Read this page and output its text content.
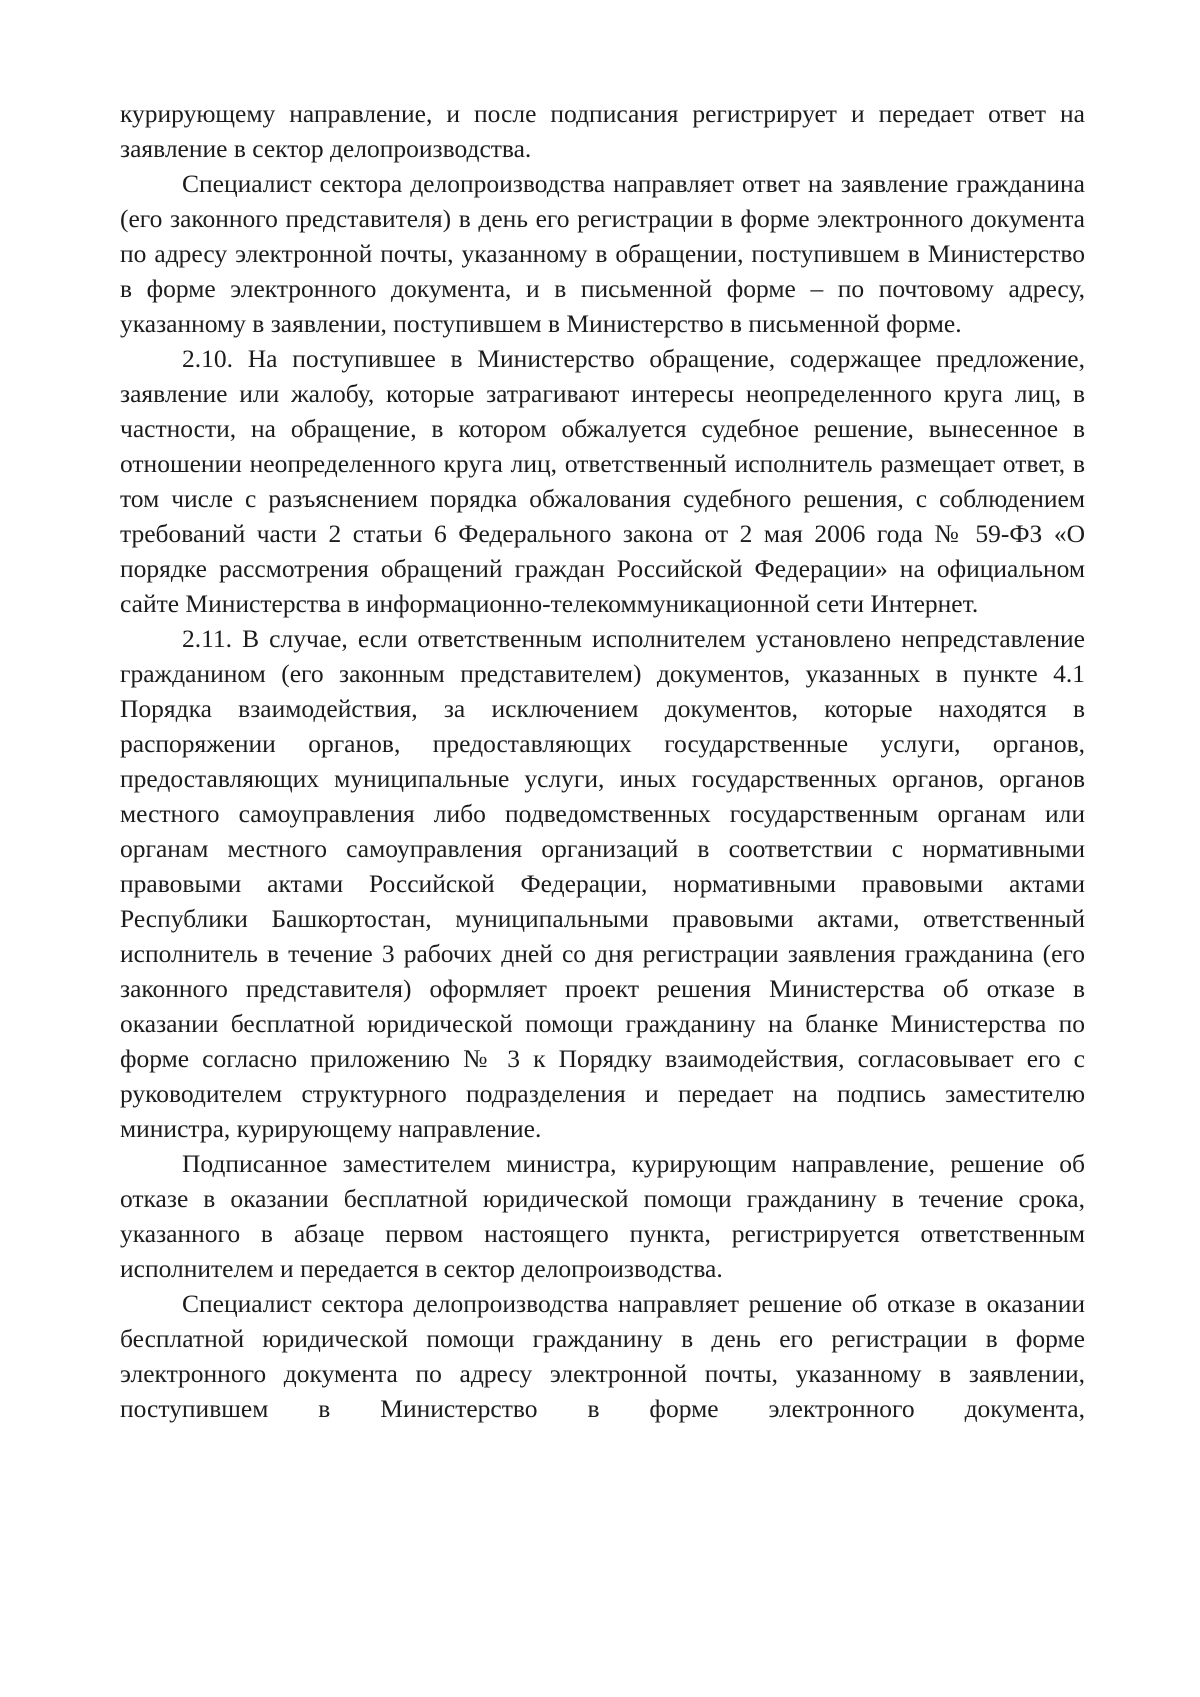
курирующему направление, и после подписания регистрирует и передает ответ на заявление в сектор делопроизводства.

Специалист сектора делопроизводства направляет ответ на заявление гражданина (его законного представителя) в день его регистрации в форме электронного документа по адресу электронной почты, указанному в обращении, поступившем в Министерство в форме электронного документа, и в письменной форме – по почтовому адресу, указанному в заявлении, поступившем в Министерство в письменной форме.

2.10. На поступившее в Министерство обращение, содержащее предложение, заявление или жалобу, которые затрагивают интересы неопределенного круга лиц, в частности, на обращение, в котором обжалуется судебное решение, вынесенное в отношении неопределенного круга лиц, ответственный исполнитель размещает ответ, в том числе с разъяснением порядка обжалования судебного решения, с соблюдением требований части 2 статьи 6 Федерального закона от 2 мая 2006 года № 59-ФЗ «О порядке рассмотрения обращений граждан Российской Федерации» на официальном сайте Министерства в информационно-телекоммуникационной сети Интернет.

2.11. В случае, если ответственным исполнителем установлено непредставление гражданином (его законным представителем) документов, указанных в пункте 4.1 Порядка взаимодействия, за исключением документов, которые находятся в распоряжении органов, предоставляющих государственные услуги, органов, предоставляющих муниципальные услуги, иных государственных органов, органов местного самоуправления либо подведомственных государственным органам или органам местного самоуправления организаций в соответствии с нормативными правовыми актами Российской Федерации, нормативными правовыми актами Республики Башкортостан, муниципальными правовыми актами, ответственный исполнитель в течение 3 рабочих дней со дня регистрации заявления гражданина (его законного представителя) оформляет проект решения Министерства об отказе в оказании бесплатной юридической помощи гражданину на бланке Министерства по форме согласно приложению № 3 к Порядку взаимодействия, согласовывает его с руководителем структурного подразделения и передает на подпись заместителю министра, курирующему направление.

Подписанное заместителем министра, курирующим направление, решение об отказе в оказании бесплатной юридической помощи гражданину в течение срока, указанного в абзаце первом настоящего пункта, регистрируется ответственным исполнителем и передается в сектор делопроизводства.

Специалист сектора делопроизводства направляет решение об отказе в оказании бесплатной юридической помощи гражданину в день его регистрации в форме электронного документа по адресу электронной почты, указанному в заявлении, поступившем в Министерство в форме электронного документа,
